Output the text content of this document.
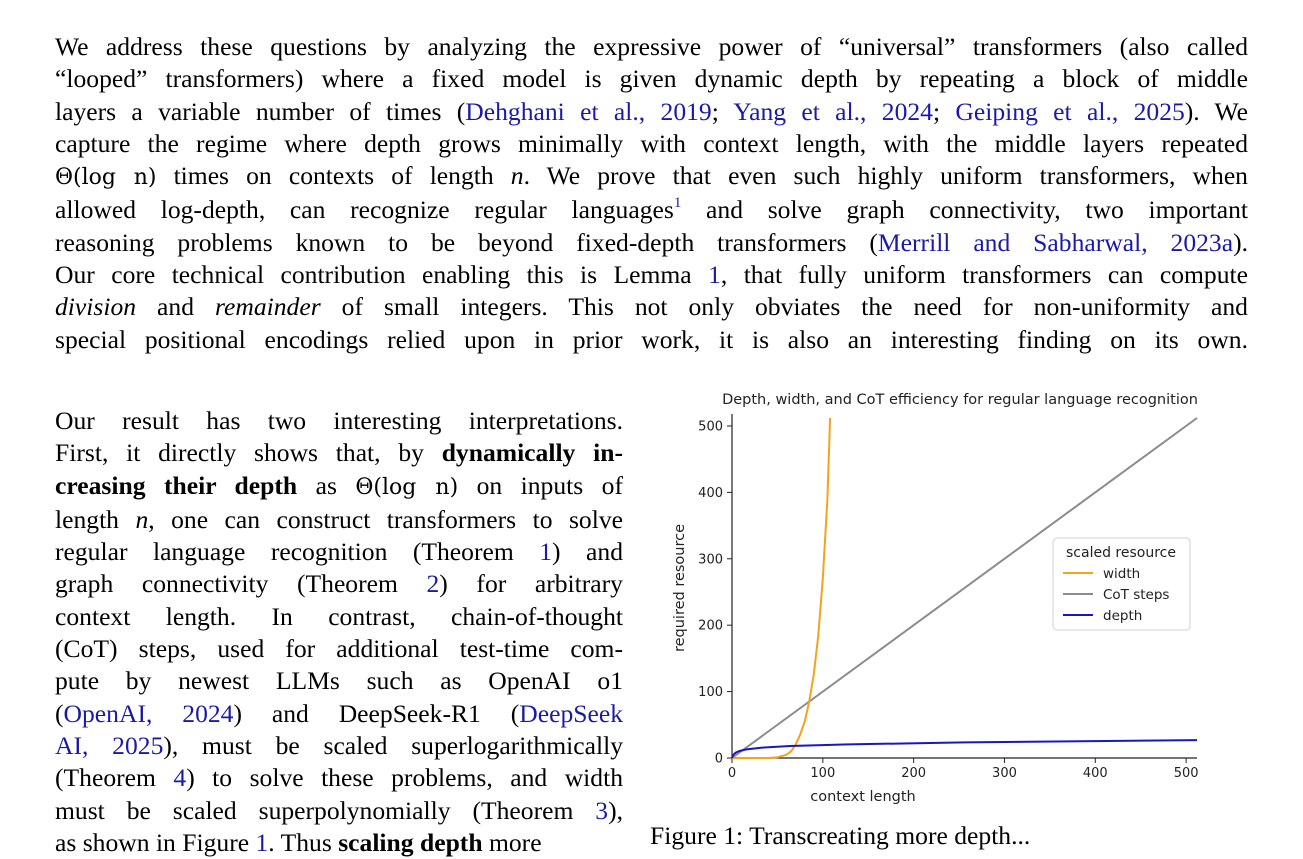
We address these questions by analyzing the expressive power of “universal” transformers (also called
“looped” transformers) where a fixed model is given dynamic depth by repeating a block of middle
layers a variable number of times (Dehghani et al., 2019; Yang et al., 2024; Geiping et al., 2025). We
capture the regime where depth grows minimally with context length, with the middle layers repeated
Θ(log n) times on contexts of length n. We prove that even such highly uniform transformers, when
allowed log-depth, can recognize regular languages$^1$ and solve graph connectivity, two important
reasoning problems known to be beyond fixed-depth transformers (Merrill and Sabharwal, 2023a).
Our core technical contribution enabling this is Lemma 1, that fully uniform transformers can compute
division and remainder of small integers. This not only obviates the need for non-uniformity and
special positional encodings relied upon in prior work, it is also an interesting finding on its own.
Our result has two interesting interpretations.
First, it directly shows that, by dynamically in-
creasing their depth as Θ(log n) on inputs of
length n, one can construct transformers to solve
regular language recognition (Theorem 1) and
graph connectivity (Theorem 2) for arbitrary
context length. In contrast, chain-of-thought
(CoT) steps, used for additional test-time com-
pute by newest LLMs such as OpenAI o1
(OpenAI, 2024) and DeepSeek-R1 (DeepSeek
AI, 2025), must be scaled superlogarithmically
(Theorem 4) to solve these problems, and width
must be scaled superpolynomially (Theorem 3),
as shown in Figure 1. Thus scaling depth more
Depth, width, and CoT efficiency for regular language recognition
0	100	200	300	400	500
0
100
200
300
400
500
context length
required resource	scaled resource
width
CoT steps
depth
Figure 1: Transcreating more depth...
